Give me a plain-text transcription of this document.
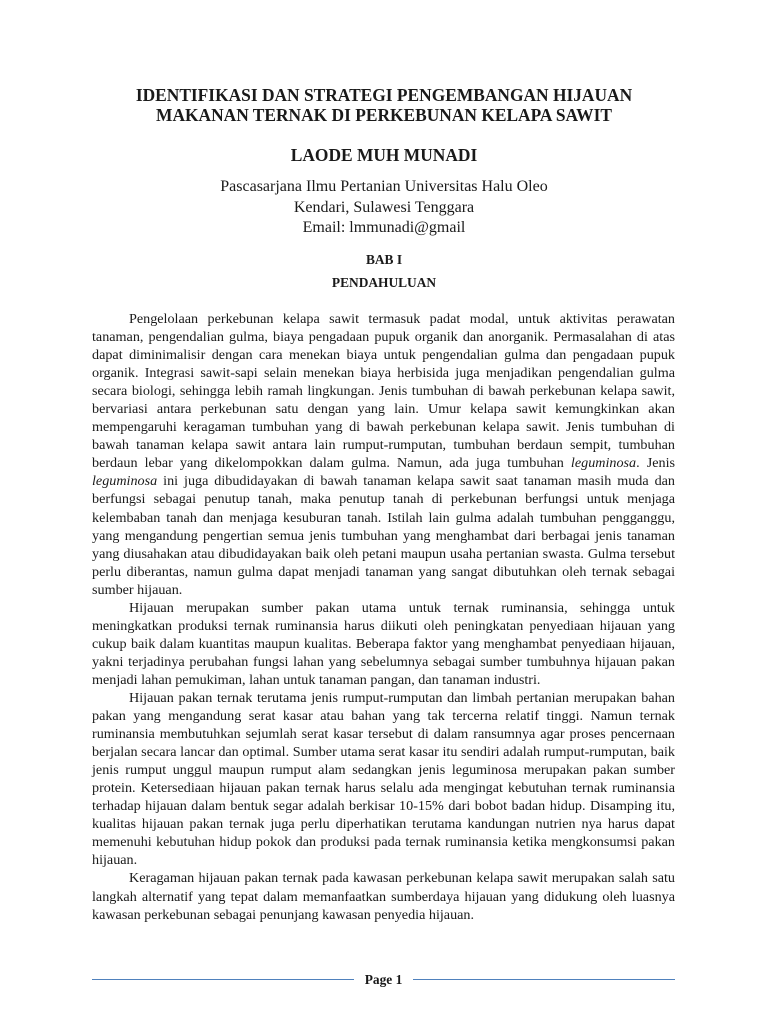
IDENTIFIKASI DAN STRATEGI PENGEMBANGAN HIJAUAN
MAKANAN TERNAK DI PERKEBUNAN KELAPA SAWIT
LAODE MUH MUNADI
Pascasarjana Ilmu Pertanian Universitas Halu Oleo
Kendari, Sulawesi Tenggara
Email: lmmunadi@gmail
BAB I
PENDAHULUAN

Pengelolaan perkebunan kelapa sawit termasuk padat modal, untuk aktivitas perawatan tanaman, pengendalian gulma, biaya pengadaan pupuk organik dan anorganik. Permasalahan di atas dapat diminimalisir dengan cara menekan biaya untuk pengendalian gulma dan pengadaan pupuk organik. Integrasi sawit-sapi selain menekan biaya herbisida juga menjadikan pengendalian gulma secara biologi, sehingga lebih ramah lingkungan. Jenis tumbuhan di bawah perkebunan kelapa sawit, bervariasi antara perkebunan satu dengan yang lain. Umur kelapa sawit kemungkinkan akan mempengaruhi keragaman tumbuhan yang di bawah perkebunan kelapa sawit. Jenis tumbuhan di bawah tanaman kelapa sawit antara lain rumput-rumputan, tumbuhan berdaun sempit, tumbuhan berdaun lebar yang dikelompokkan dalam gulma. Namun, ada juga tumbuhan leguminosa. Jenis leguminosa ini juga dibudidayakan di bawah tanaman kelapa sawit saat tanaman masih muda dan berfungsi sebagai penutup tanah, maka penutup tanah di perkebunan berfungsi untuk menjaga kelembaban tanah dan menjaga kesuburan tanah. Istilah lain gulma adalah tumbuhan pengganggu, yang mengandung pengertian semua jenis tumbuhan yang menghambat dari berbagai jenis tanaman yang diusahakan atau dibudidayakan baik oleh petani maupun usaha pertanian swasta. Gulma tersebut perlu diberantas, namun gulma dapat menjadi tanaman yang sangat dibutuhkan oleh ternak sebagai sumber hijauan.

Hijauan merupakan sumber pakan utama untuk ternak ruminansia, sehingga untuk meningkatkan produksi ternak ruminansia harus diikuti oleh peningkatan penyediaan hijauan yang cukup baik dalam kuantitas maupun kualitas. Beberapa faktor yang menghambat penyediaan hijauan, yakni terjadinya perubahan fungsi lahan yang sebelumnya sebagai sumber tumbuhnya hijauan pakan menjadi lahan pemukiman, lahan untuk tanaman pangan, dan tanaman industri.

Hijauan pakan ternak terutama jenis rumput-rumputan dan limbah pertanian merupakan bahan pakan yang mengandung serat kasar atau bahan yang tak tercerna relatif tinggi. Namun ternak ruminansia membutuhkan sejumlah serat kasar tersebut di dalam ransumnya agar proses pencernaan berjalan secara lancar dan optimal. Sumber utama serat kasar itu sendiri adalah rumput-rumputan, baik jenis rumput unggul maupun rumput alam sedangkan jenis leguminosa merupakan pakan sumber protein. Ketersediaan hijauan pakan ternak harus selalu ada mengingat kebutuhan ternak ruminansia terhadap hijauan dalam bentuk segar adalah berkisar 10-15% dari bobot badan hidup. Disamping itu, kualitas hijauan pakan ternak juga perlu diperhatikan terutama kandungan nutrien nya harus dapat memenuhi kebutuhan hidup pokok dan produksi pada ternak ruminansia ketika mengkonsumsi pakan hijauan.

Keragaman hijauan pakan ternak pada kawasan perkebunan kelapa sawit merupakan salah satu langkah alternatif yang tepat dalam memanfaatkan sumberdaya hijauan yang didukung oleh luasnya kawasan perkebunan sebagai penunjang kawasan penyedia hijauan.

Page 1
